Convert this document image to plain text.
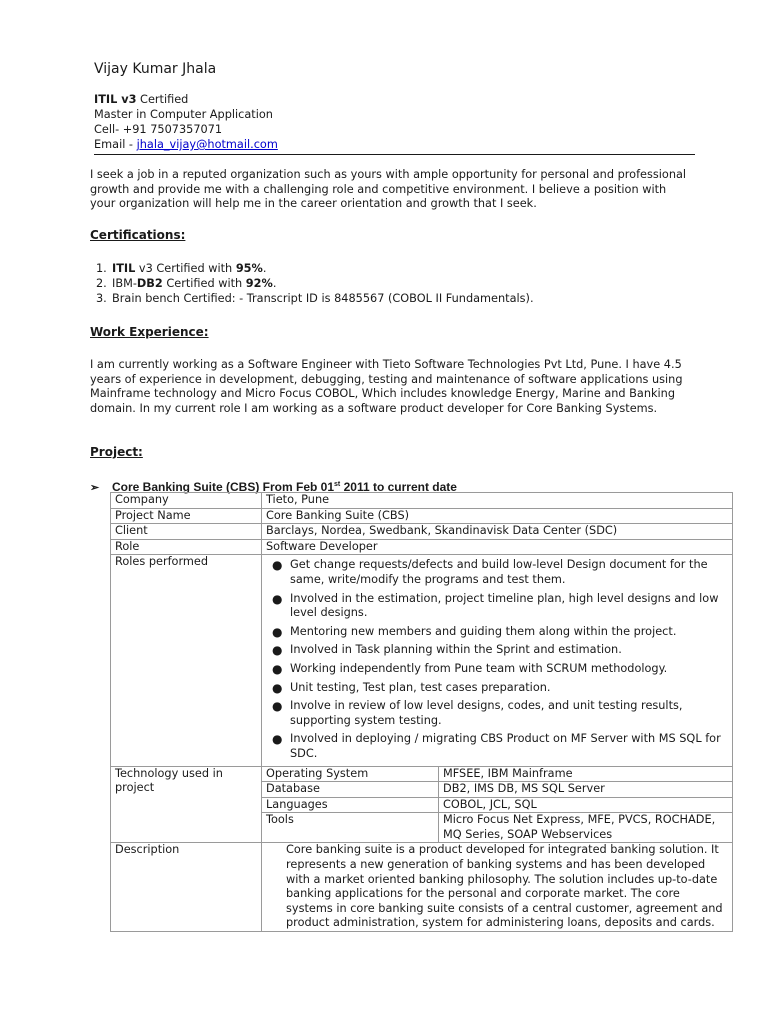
Vijay Kumar Jhala
ITIL v3 Certified
Master in Computer Application
Cell- +91 7507357071
Email - jhala_vijay@hotmail.com
I seek a job in a reputed organization such as yours with ample opportunity for personal and professional growth and provide me with a challenging role and competitive environment. I believe a position with your organization will help me in the career orientation and growth that I seek.
Certifications:
1. ITIL v3 Certified with 95%.
2. IBM-DB2 Certified with 92%.
3. Brain bench Certified: - Transcript ID is 8485567 (COBOL II Fundamentals).
Work Experience:
I am currently working as a Software Engineer with Tieto Software Technologies Pvt Ltd, Pune. I have 4.5 years of experience in development, debugging, testing and maintenance of software applications using Mainframe technology and Micro Focus COBOL, Which includes knowledge Energy, Marine and Banking domain. In my current role I am working as a software product developer for Core Banking Systems.
Project:
➢ Core Banking Suite (CBS) From Feb 01st 2011 to current date
Company	Tieto, Pune
Project Name	Core Banking Suite (CBS)
Client	Barclays, Nordea, Swedbank, Skandinavisk Data Center (SDC)
Role	Software Developer
Roles performed	● Get change requests/defects and build low-level Design document for the same, write/modify the programs and test them.
● Involved in the estimation, project timeline plan, high level designs and low level designs.
● Mentoring new members and guiding them along within the project.
● Involved in Task planning within the Sprint and estimation.
● Working independently from Pune team with SCRUM methodology.
● Unit testing, Test plan, test cases preparation.
● Involve in review of low level designs, codes, and unit testing results, supporting system testing.
● Involved in deploying / migrating CBS Product on MF Server with MS SQL for SDC.

Technology used in project	
Operating System	MFSEE, IBM Mainframe
Database	DB2, IMS DB, MS SQL Server
Languages	COBOL, JCL, SQL
Tools	Micro Focus Net Express, MFE, PVCS, ROCHADE, MQ Series, SOAP Webservices

Description	Core banking suite is a product developed for integrated banking solution. It represents a new generation of banking systems and has been developed with a market oriented banking philosophy. The solution includes up-to-date banking applications for the personal and corporate market. The core systems in core banking suite consists of a central customer, agreement and product administration, system for administering loans, deposits and cards.
